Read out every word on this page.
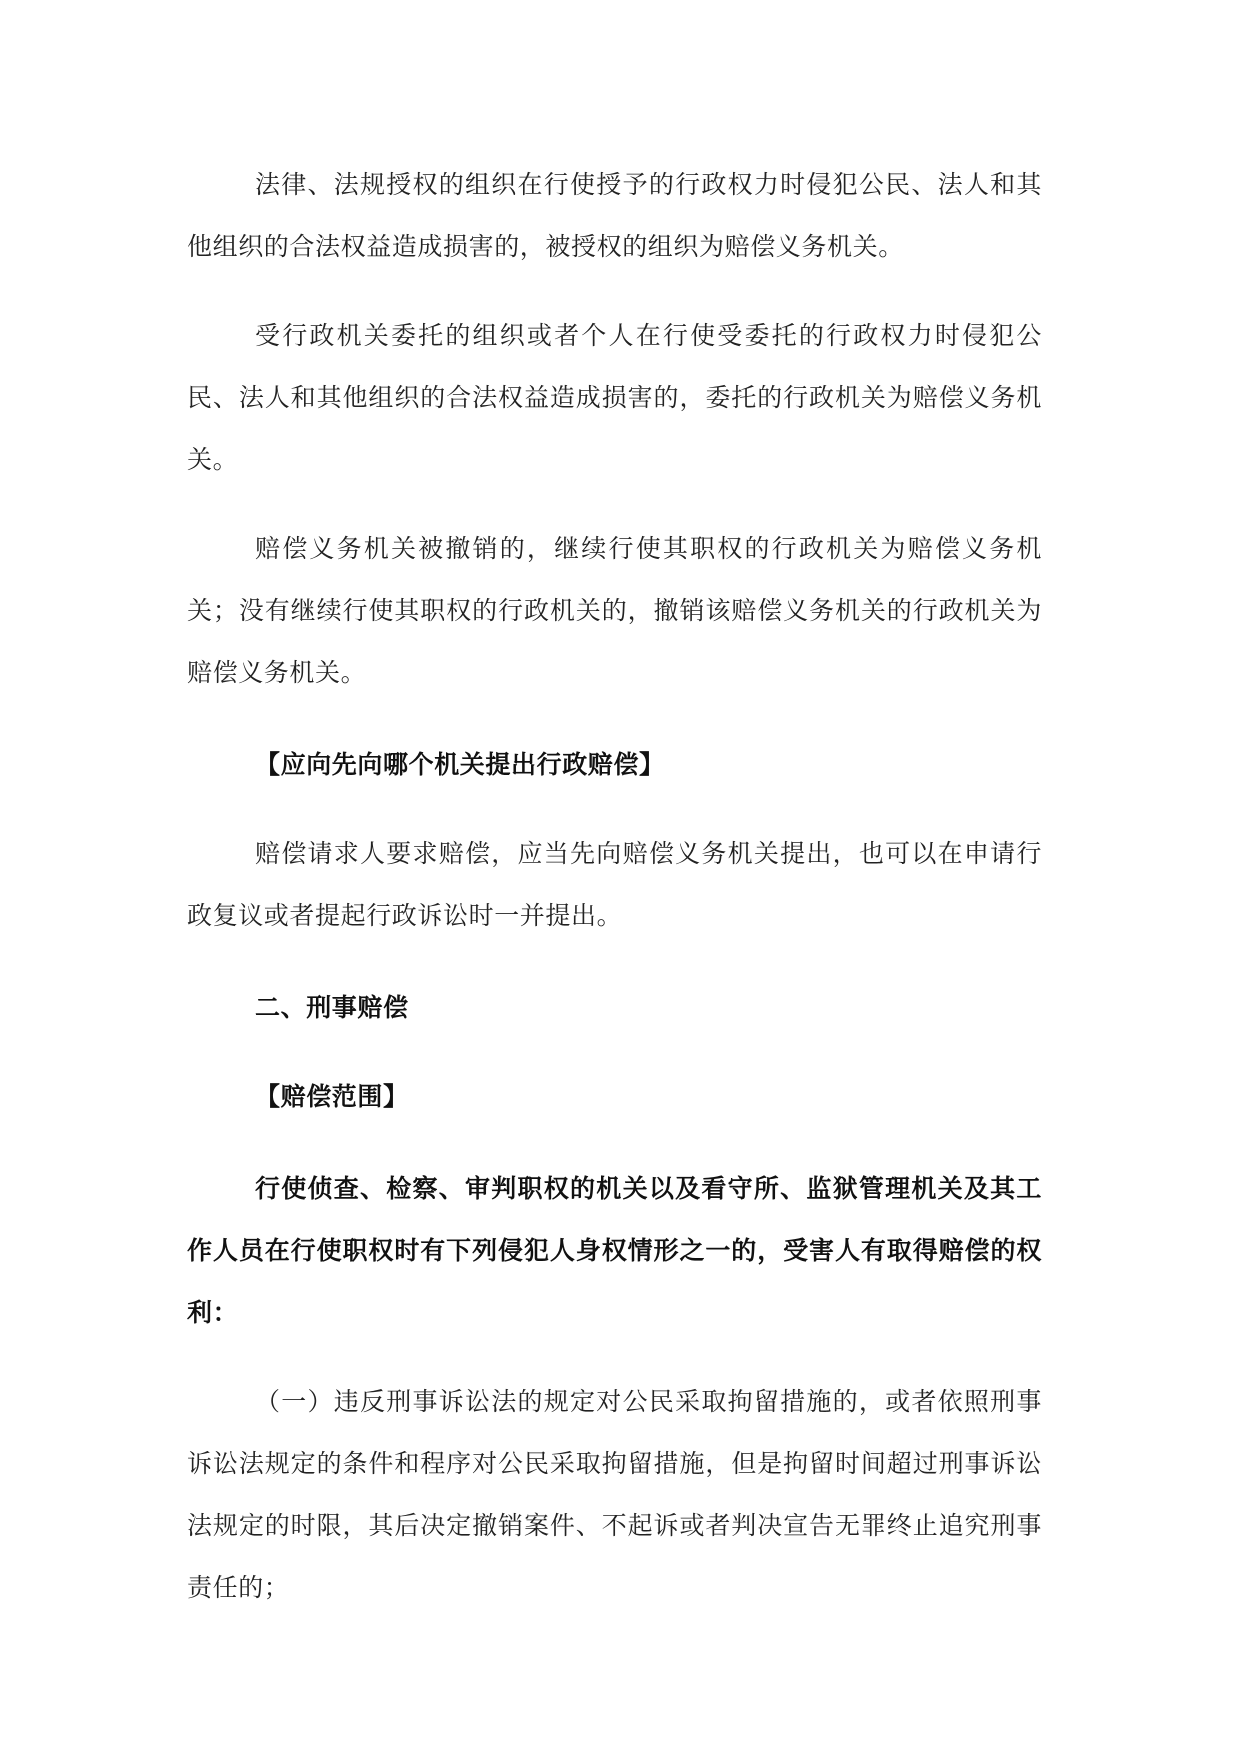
法律、法规授权的组织在行使授予的行政权力时侵犯公民、法人和其他组织的合法权益造成损害的，被授权的组织为赔偿义务机关。

受行政机关委托的组织或者个人在行使受委托的行政权力时侵犯公民、法人和其他组织的合法权益造成损害的，委托的行政机关为赔偿义务机关。

赔偿义务机关被撤销的，继续行使其职权的行政机关为赔偿义务机关；没有继续行使其职权的行政机关的，撤销该赔偿义务机关的行政机关为赔偿义务机关。

【应向先向哪个机关提出行政赔偿】

赔偿请求人要求赔偿，应当先向赔偿义务机关提出，也可以在申请行政复议或者提起行政诉讼时一并提出。

二、刑事赔偿

【赔偿范围】

行使侦查、检察、审判职权的机关以及看守所、监狱管理机关及其工作人员在行使职权时有下列侵犯人身权情形之一的，受害人有取得赔偿的权利：

（一）违反刑事诉讼法的规定对公民采取拘留措施的，或者依照刑事诉讼法规定的条件和程序对公民采取拘留措施，但是拘留时间超过刑事诉讼法规定的时限，其后决定撤销案件、不起诉或者判决宣告无罪终止追究刑事责任的；
